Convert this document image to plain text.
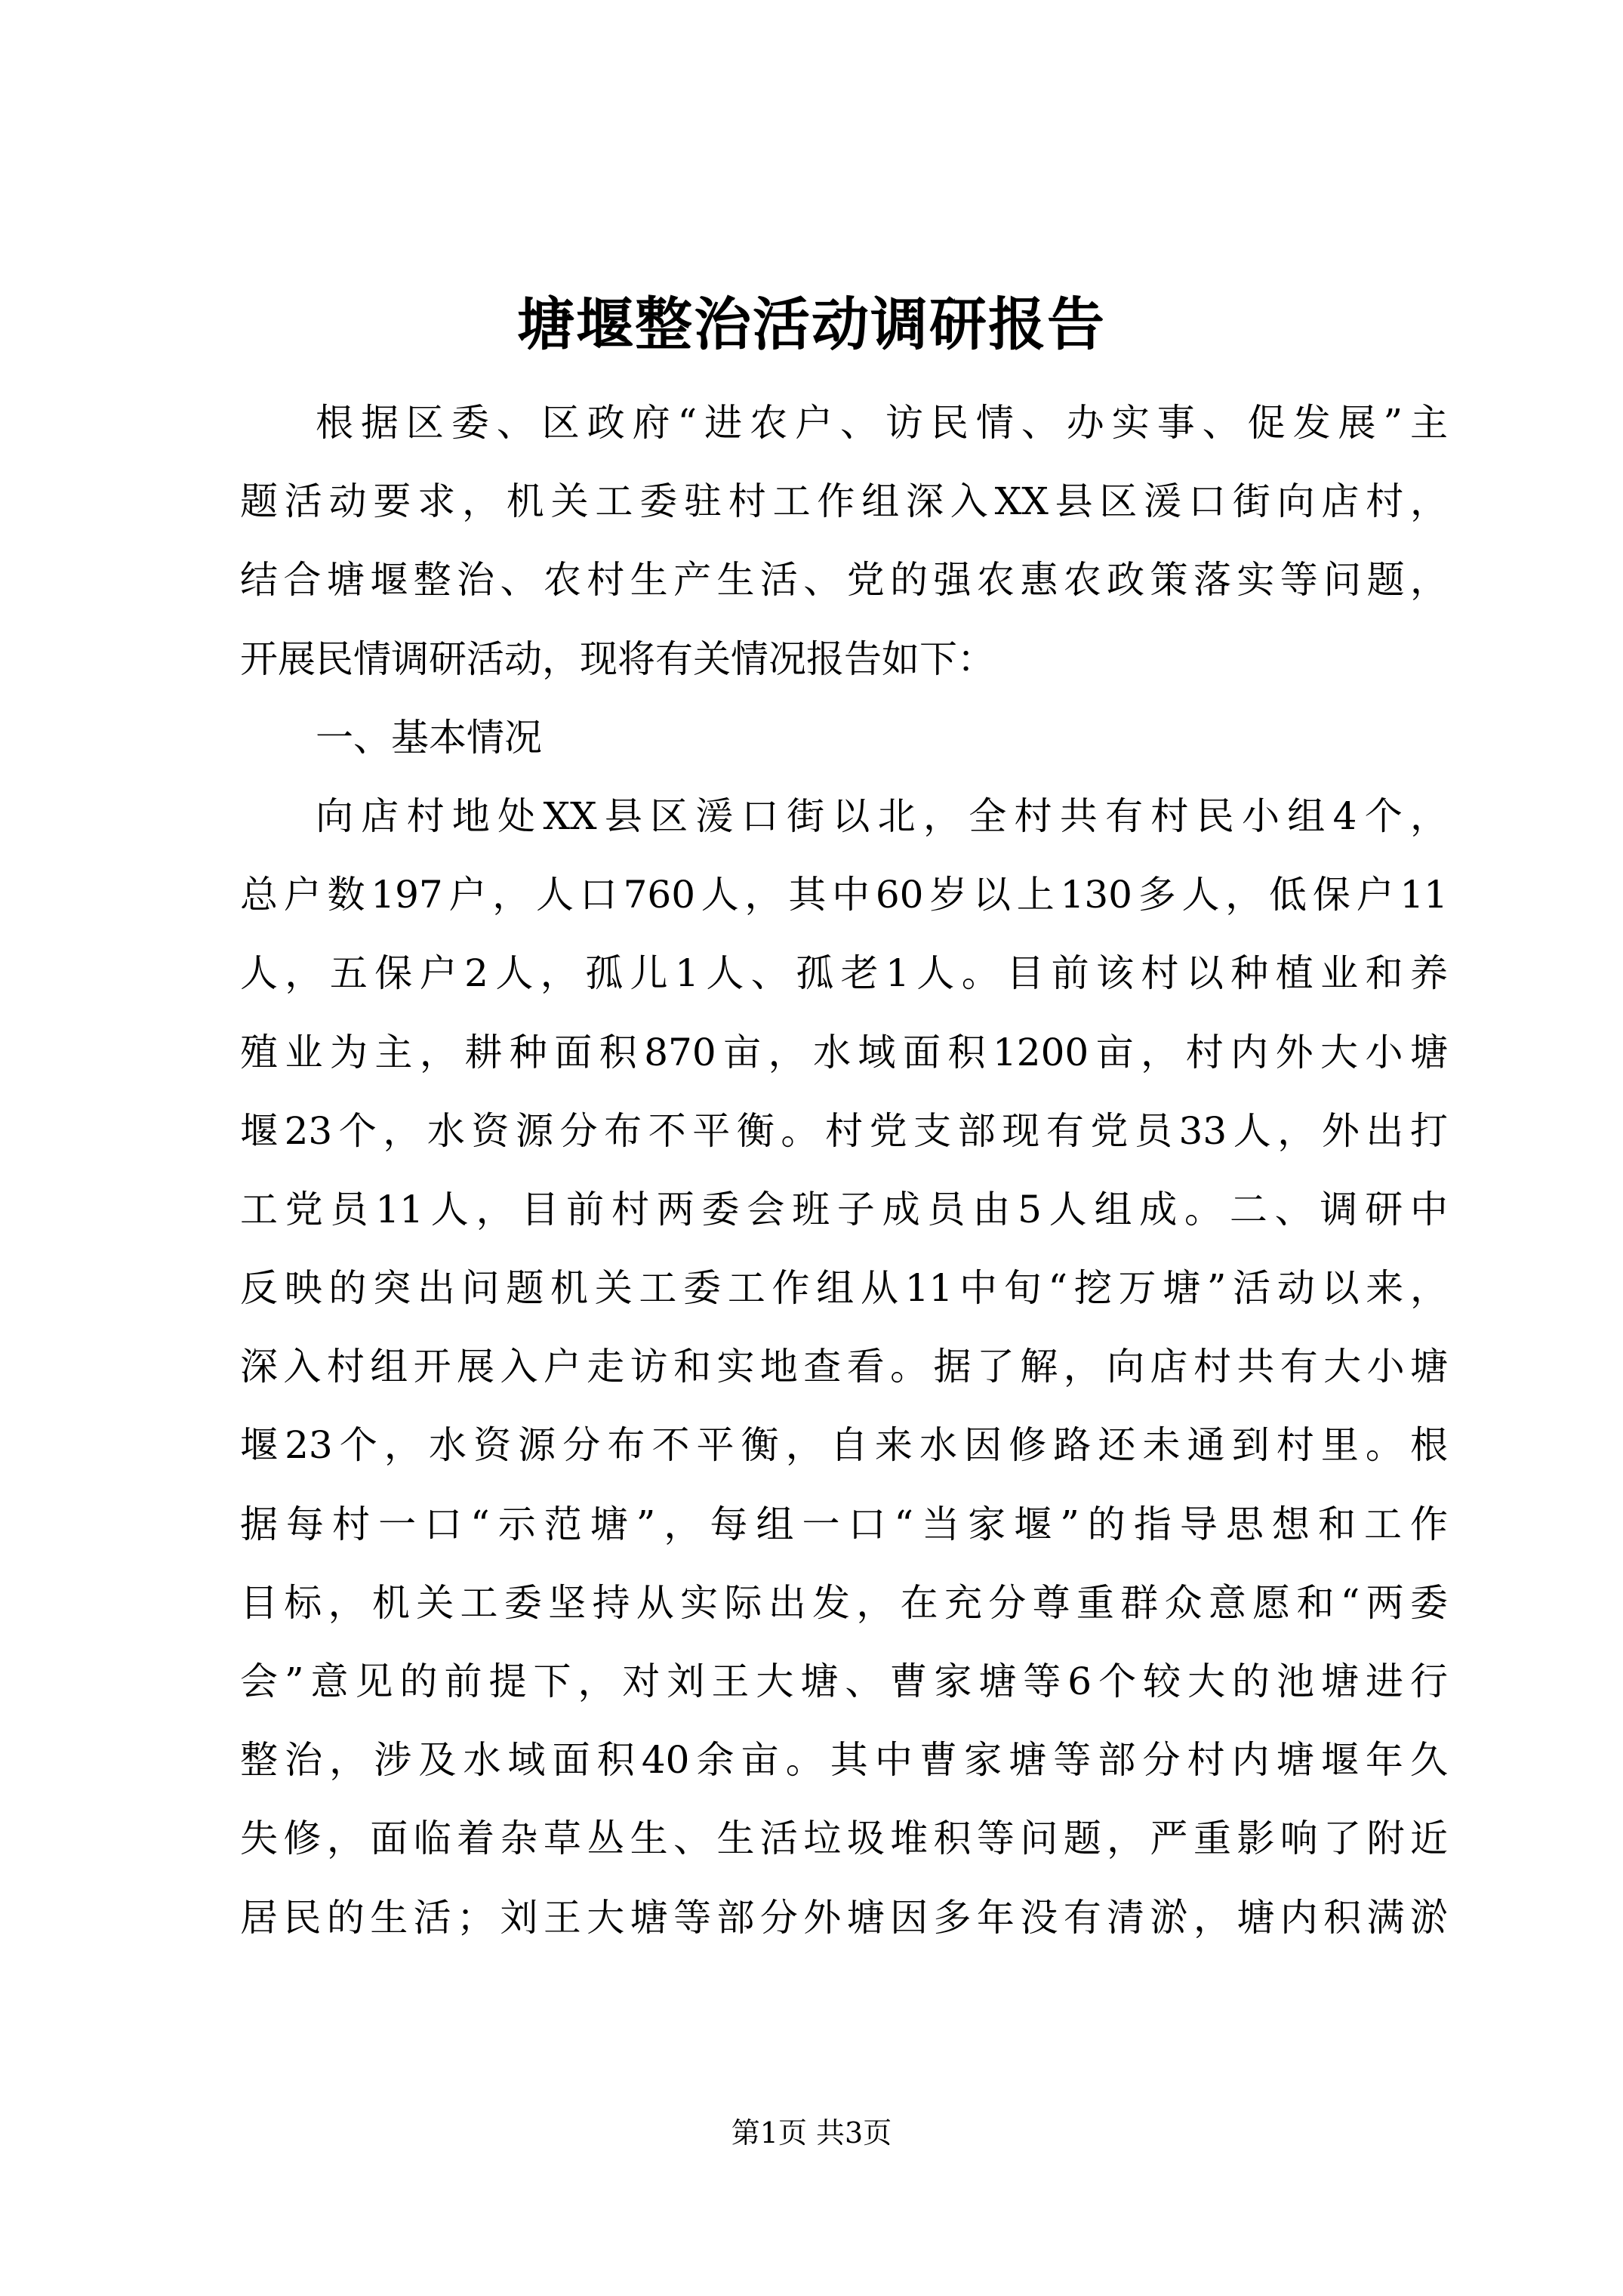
塘堰整治活动调研报告
根据区委、区政府“进农户、访民情、办实事、促发展”主
题活动要求，机关工委驻村工作组深入XX县区湲口街向店村，
结合塘堰整治、农村生产生活、党的强农惠农政策落实等问题，
开展民情调研活动，现将有关情况报告如下：
一、基本情况
向店村地处XX县区湲口街以北，全村共有村民小组4个，
总户数197户，人口760人，其中60岁以上130多人，低保户11
人，五保户2人，孤儿1人、孤老1人。目前该村以种植业和养
殖业为主，耕种面积870亩，水域面积1200亩，村内外大小塘
堰23个，水资源分布不平衡。村党支部现有党员33人，外出打
工党员11人，目前村两委会班子成员由5人组成。二、调研中
反映的突出问题机关工委工作组从11中旬“挖万塘”活动以来，
深入村组开展入户走访和实地查看。据了解，向店村共有大小塘
堰23个，水资源分布不平衡，自来水因修路还未通到村里。根
据每村一口“示范塘”，每组一口“当家堰”的指导思想和工作
目标，机关工委坚持从实际出发，在充分尊重群众意愿和“两委
会”意见的前提下，对刘王大塘、曹家塘等6个较大的池塘进行
整治，涉及水域面积40余亩。其中曹家塘等部分村内塘堰年久
失修，面临着杂草丛生、生活垃圾堆积等问题，严重影响了附近
居民的生活；刘王大塘等部分外塘因多年没有清淤，塘内积满淤
第1页 共3页
